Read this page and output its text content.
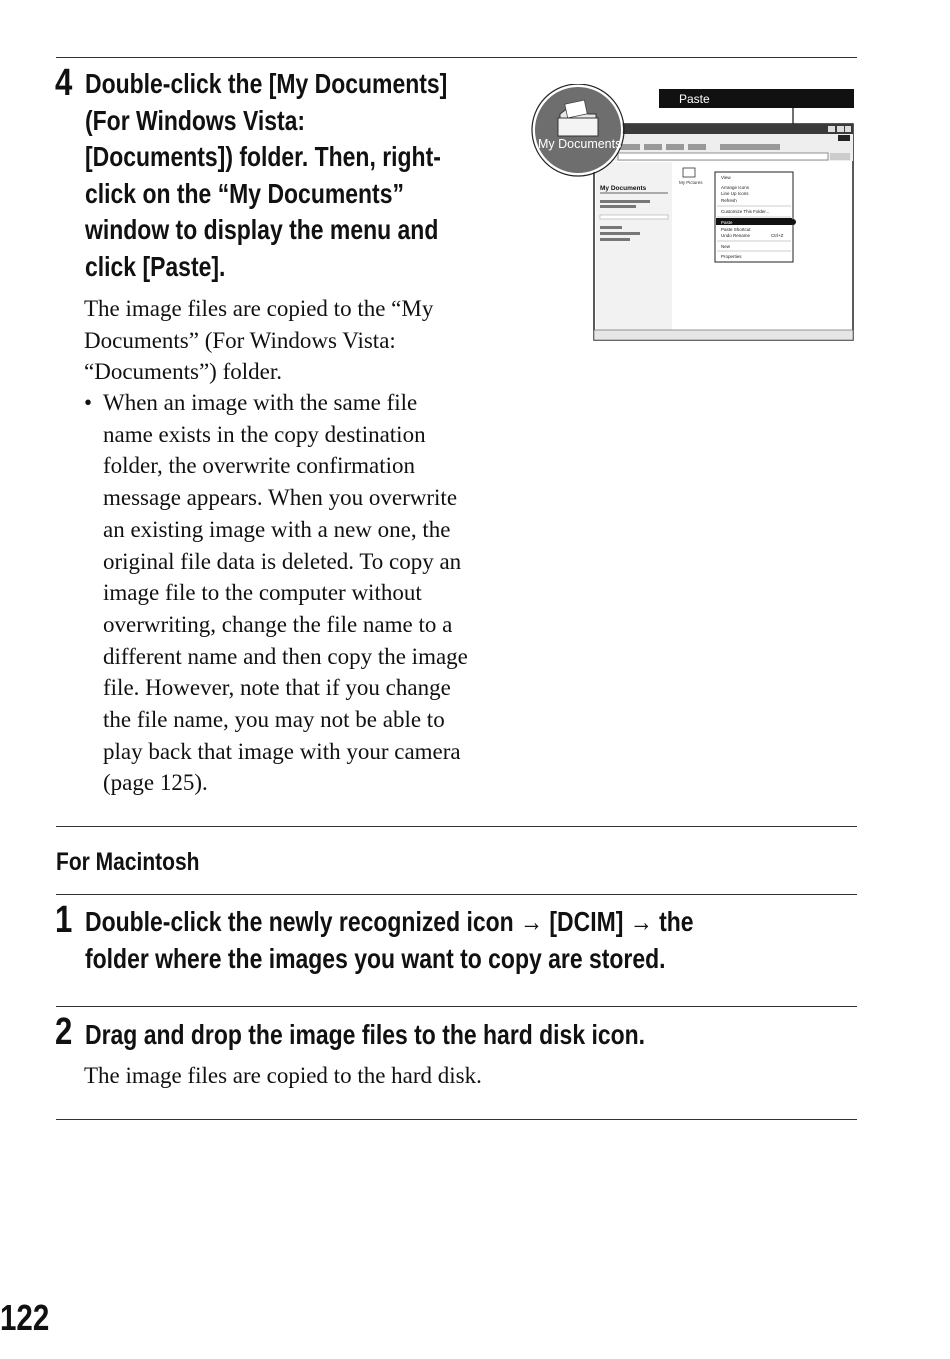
4 Double-click the [My Documents]
(For Windows Vista:
[Documents]) folder. Then, right-
click on the “My Documents”
window to display the menu and
click [Paste].
The image files are copied to the “My
Documents” (For Windows Vista:
“Documents”) folder.
• When an image with the same file
name exists in the copy destination
folder, the overwrite confirmation
message appears. When you overwrite
an existing image with a new one, the
original file data is deleted. To copy an
image file to the computer without
overwriting, change the file name to a
different name and then copy the image
file. However, note that if you change
the file name, you may not be able to
play back that image with your camera
(page 125).
Paste
My Documents
My Pictures
View
Arrange Icons
Line Up Icons
Refresh
Customize This Folder...
Paste
Paste Shortcut
Undo Rename	Ctrl+Z
New
Properties
My Documents
For Macintosh
1 Double-click the newly recognized icon → [DCIM] → the
folder where the images you want to copy are stored.
2 Drag and drop the image files to the hard disk icon.
The image files are copied to the hard disk.
122
